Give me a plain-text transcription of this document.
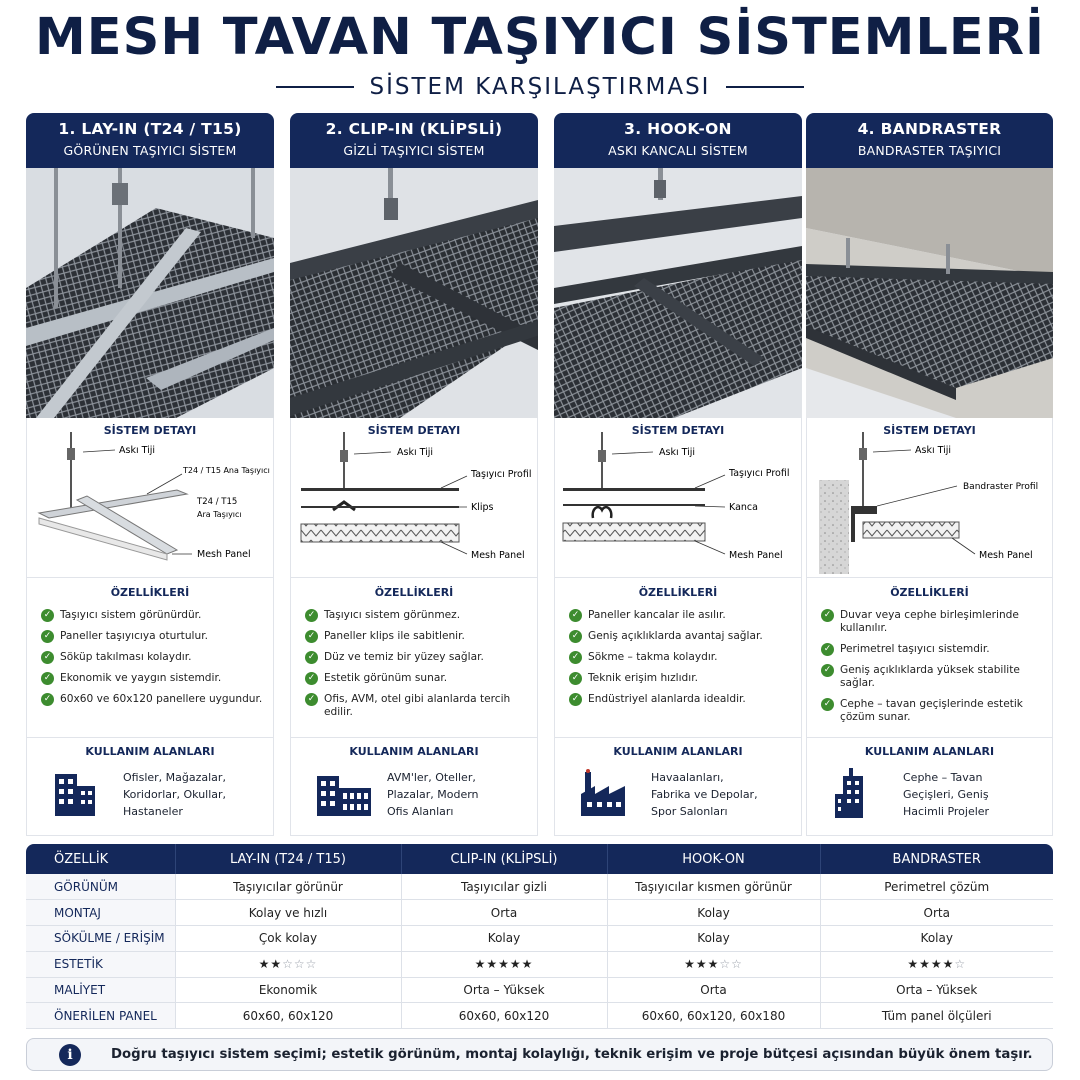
MESH TAVAN TAŞIYICI SİSTEMLERİ
SİSTEM KARŞILAŞTIRMASI
1. LAY-IN (T24 / T15)
GÖRÜNEN TAŞIYICI SİSTEM
SİSTEM DETAYI
Askı Tiji
T24 / T15 Ana Taşıyıcı
T24 / T15
Ara Taşıyıcı
Mesh Panel
ÖZELLİKLERİ
✓ Taşıyıcı sistem görünürdür.
✓ Paneller taşıyıcıya oturtulur.
✓ Söküp takılması kolaydır.
✓ Ekonomik ve yaygın sistemdir.
✓ 60x60 ve 60x120 panellere uygundur.
KULLANIM ALANLARI
Ofisler, Mağazalar,
Koridorlar, Okullar,
Hastaneler
2. CLIP-IN (KLİPSLİ)
GİZLİ TAŞIYICI SİSTEM
SİSTEM DETAYI
Askı Tiji
Taşıyıcı Profil
Klips
Mesh Panel
ÖZELLİKLERİ
✓ Taşıyıcı sistem görünmez.
✓ Paneller klips ile sabitlenir.
✓ Düz ve temiz bir yüzey sağlar.
✓ Estetik görünüm sunar.
✓ Ofis, AVM, otel gibi alanlarda tercih edilir.
KULLANIM ALANLARI
AVM'ler, Oteller,
Plazalar, Modern
Ofis Alanları
3. HOOK-ON
ASKI KANCALI SİSTEM
SİSTEM DETAYI
Askı Tiji
Taşıyıcı Profil
Kanca
Mesh Panel
ÖZELLİKLERİ
✓ Paneller kancalar ile asılır.
✓ Geniş açıklıklarda avantaj sağlar.
✓ Sökme – takma kolaydır.
✓ Teknik erişim hızlıdır.
✓ Endüstriyel alanlarda idealdir.
KULLANIM ALANLARI
Havaalanları,
Fabrika ve Depolar,
Spor Salonları
4. BANDRASTER
BANDRASTER TAŞIYICI
SİSTEM DETAYI
Askı Tiji
Bandraster Profil
Mesh Panel
ÖZELLİKLERİ
✓ Duvar veya cephe birleşimlerinde kullanılır.
✓ Perimetrel taşıyıcı sistemdir.
✓ Geniş açıklıklarda yüksek stabilite sağlar.
✓ Cephe – tavan geçişlerinde estetik çözüm sunar.
KULLANIM ALANLARI
Cephe – Tavan
Geçişleri, Geniş
Hacimli Projeler
ÖZELLİK	LAY-IN (T24 / T15)	CLIP-IN (KLİPSLİ)	HOOK-ON	BANDRASTER
GÖRÜNÜM	Taşıyıcılar görünür	Taşıyıcılar gizli	Taşıyıcılar kısmen görünür	Perimetrel çözüm
MONTAJ	Kolay ve hızlı	Orta	Kolay	Orta
SÖKÜLME / ERİŞİM	Çok kolay	Kolay	Kolay	Kolay
ESTETİK	★★☆☆☆	★★★★★	★★★☆☆	★★★★☆
MALİYET	Ekonomik	Orta – Yüksek	Orta	Orta – Yüksek
ÖNERİLEN PANEL	60x60, 60x120	60x60, 60x120	60x60, 60x120, 60x180	Tüm panel ölçüleri
i	Doğru taşıyıcı sistem seçimi; estetik görünüm, montaj kolaylığı, teknik erişim ve proje bütçesi açısından büyük önem taşır.
